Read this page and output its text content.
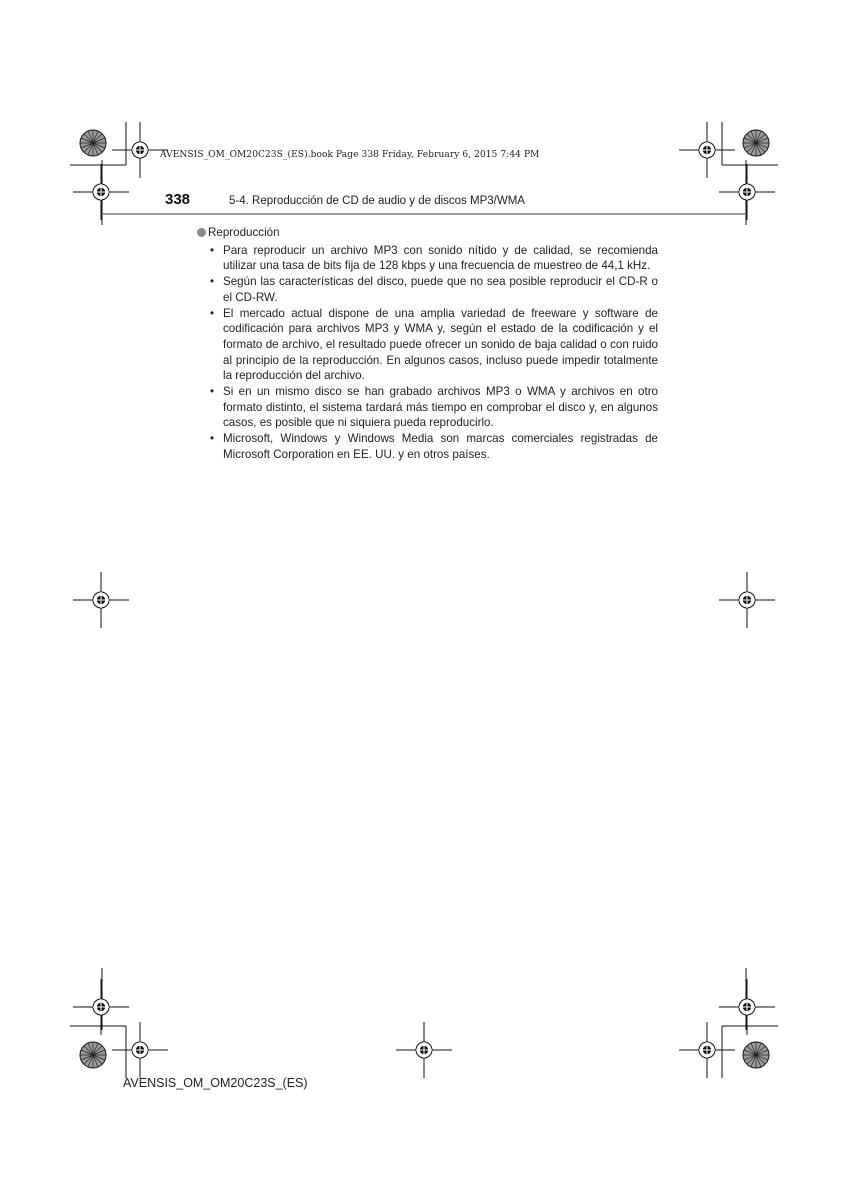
AVENSIS_OM_OM20C23S_(ES).book Page 338 Friday, February 6, 2015 7:44 PM
338	5-4. Reproducción de CD de audio y de discos MP3/WMA
Reproducción
• Para reproducir un archivo MP3 con sonido nítido y de calidad, se recomienda utilizar una tasa de bits fija de 128 kbps y una frecuencia de muestreo de 44,1 kHz.
• Según las características del disco, puede que no sea posible reproducir el CD-R o el CD-RW.
• El mercado actual dispone de una amplia variedad de freeware y software de codificación para archivos MP3 y WMA y, según el estado de la codificación y el formato de archivo, el resultado puede ofrecer un sonido de baja calidad o con ruido al principio de la reproducción. En algunos casos, incluso puede impedir totalmente la reproducción del archivo.
• Si en un mismo disco se han grabado archivos MP3 o WMA y archivos en otro formato distinto, el sistema tardará más tiempo en comprobar el disco y, en algunos casos, es posible que ni siquiera pueda reproducirlo.
• Microsoft, Windows y Windows Media son marcas comerciales registradas de Microsoft Corporation en EE. UU. y en otros países.
AVENSIS_OM_OM20C23S_(ES)
